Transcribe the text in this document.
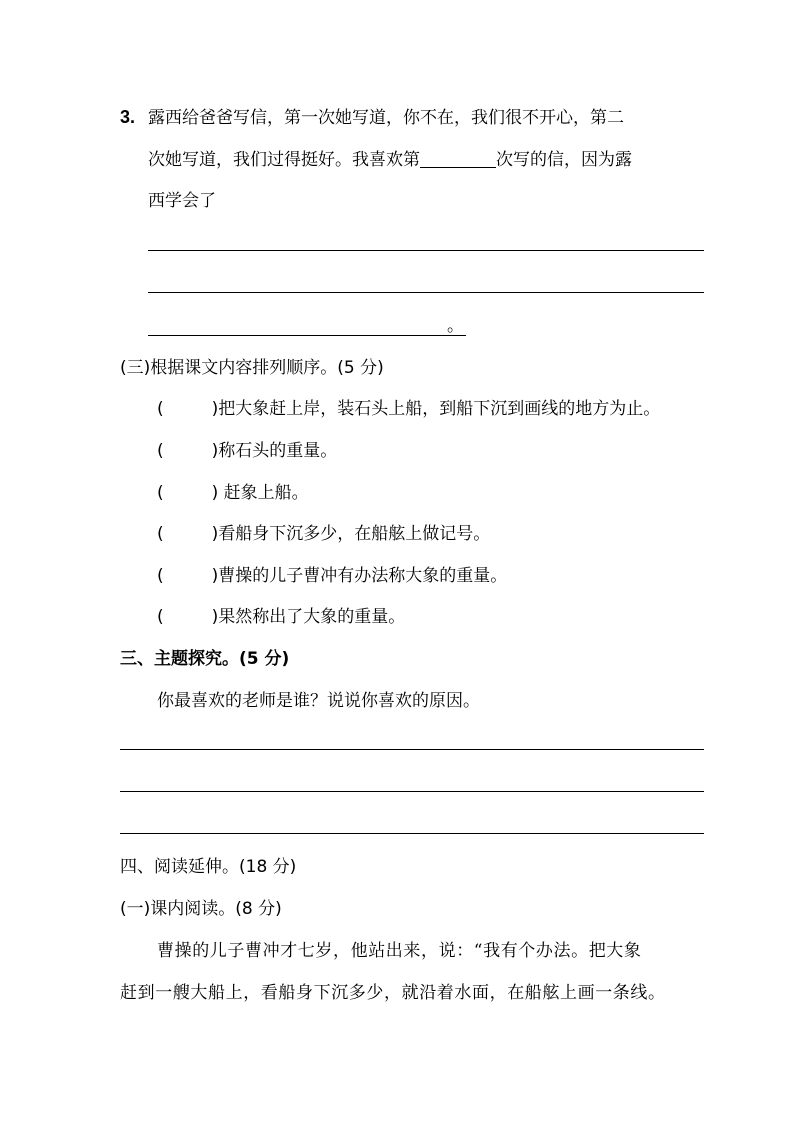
3. 露西给爸爸写信，第一次她写道，你不在，我们很不开心，第二
次她写道，我们过得挺好。我喜欢第	次写的信，因为露
西学会了
。
(三)根据课文内容排列顺序。(5 分)
(	)把大象赶上岸，装石头上船，到船下沉到画线的地方为止。
(	)称石头的重量。
(	) 赶象上船。
(	)看船身下沉多少，在船舷上做记号。
(	)曹操的儿子曹冲有办法称大象的重量。
(	)果然称出了大象的重量。
三、主题探究。(5 分)
你最喜欢的老师是谁？说说你喜欢的原因。
四、阅读延伸。(18 分)
(一)课内阅读。(8 分)
曹操的儿子曹冲才七岁，他站出来，说：“我有个办法。把大象
赶到一艘大船上，看船身下沉多少，就沿着水面，在船舷上画一条线。
